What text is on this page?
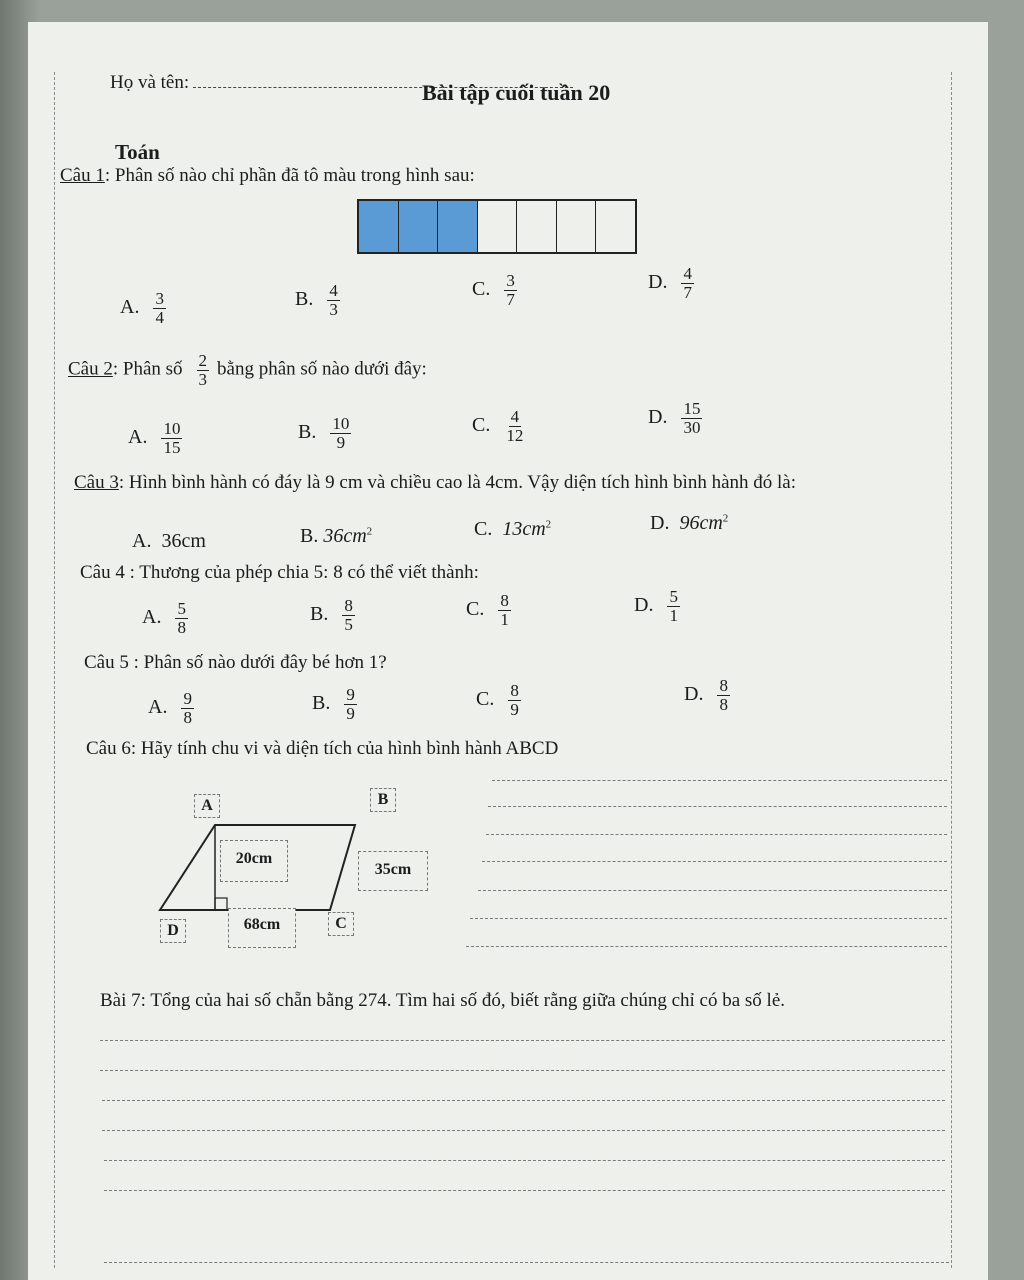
Họ và tên:	Bài tập cuối tuần 20
Toán
Câu 1: Phân số nào chỉ phần đã tô màu trong hình sau:
A. $\frac{3}{4}$	B. $\frac{4}{3}$	C. $\frac{3}{7}$	D. $\frac{4}{7}$
Câu 2: Phân số $\frac{2}{3}$ bằng phân số nào dưới đây:
A. $\frac{10}{15}$	B. $\frac{10}{9}$	C. $\frac{4}{12}$	D. $\frac{15}{30}$
Câu 3: Hình bình hành có đáy là 9 cm và chiều cao là 4cm. Vậy diện tích hình bình hành đó là:
A. 36cm	B. $36cm^2$	C. $13cm^2$	D. $96cm^2$
Câu 4 : Thương của phép chia 5: 8 có thể viết thành:
A. $\frac{5}{8}$	B. $\frac{8}{5}$	C. $\frac{8}{1}$	D. $\frac{5}{1}$
Câu 5 : Phân số nào dưới đây bé hơn 1?
A. $\frac{9}{8}$	B. $\frac{9}{9}$	C. $\frac{8}{9}$	D. $\frac{8}{8}$
Câu 6: Hãy tính chu vi và diện tích của hình bình hành ABCD
A	B
D	C
20cm
35cm
68cm
Bài 7: Tổng của hai số chẵn bằng 274. Tìm hai số đó, biết rằng giữa chúng chỉ có ba số lẻ.
